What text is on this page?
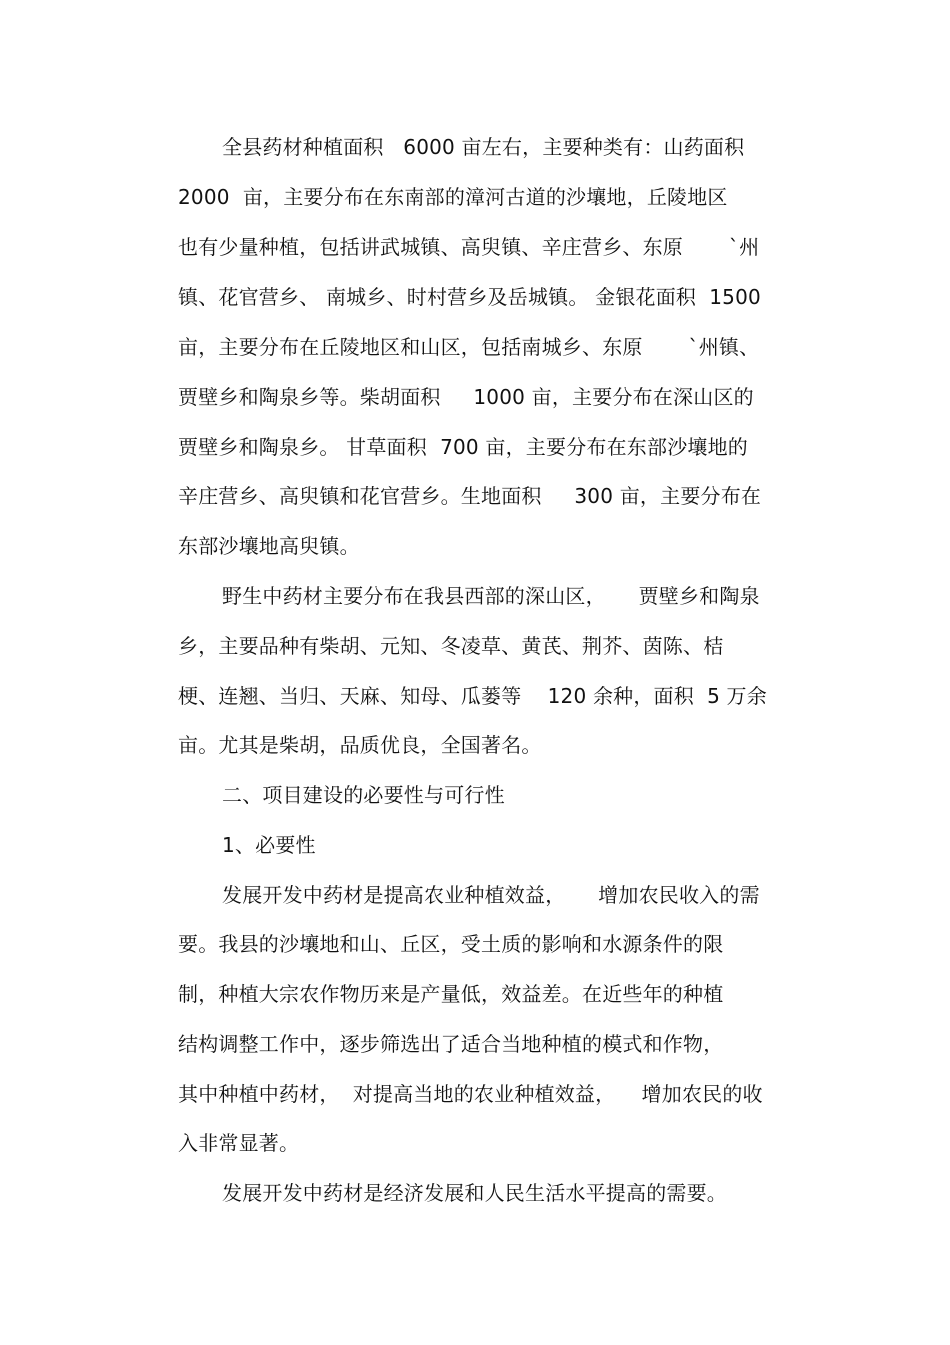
全县药材种植面积   6000 亩左右，主要种类有：山药面积
2000  亩，主要分布在东南部的漳河古道的沙壤地，丘陵地区
也有少量种植，包括讲武城镇、高臾镇、辛庄营乡、东原       `州
镇、花官营乡、 南城乡、时村营乡及岳城镇。 金银花面积  1500
亩，主要分布在丘陵地区和山区，包括南城乡、东原       `州镇、
贾壁乡和陶泉乡等。柴胡面积     1000 亩，主要分布在深山区的
贾壁乡和陶泉乡。 甘草面积  700 亩，主要分布在东部沙壤地的
辛庄营乡、高臾镇和花官营乡。生地面积     300 亩，主要分布在
东部沙壤地高臾镇。
野生中药材主要分布在我县西部的深山区，     贾壁乡和陶泉
乡，主要品种有柴胡、元知、冬凌草、黄芪、荆芥、茵陈、桔
梗、连翘、当归、天麻、知母、瓜蒌等    120 余种，面积  5 万余
亩。尤其是柴胡，品质优良，全国著名。
二、项目建设的必要性与可行性
1、必要性
发展开发中药材是提高农业种植效益，     增加农民收入的需
要。我县的沙壤地和山、丘区，受土质的影响和水源条件的限
制，种植大宗农作物历来是产量低，效益差。在近些年的种植
结构调整工作中，逐步筛选出了适合当地种植的模式和作物，
其中种植中药材，  对提高当地的农业种植效益，    增加农民的收
入非常显著。
发展开发中药材是经济发展和人民生活水平提高的需要。
